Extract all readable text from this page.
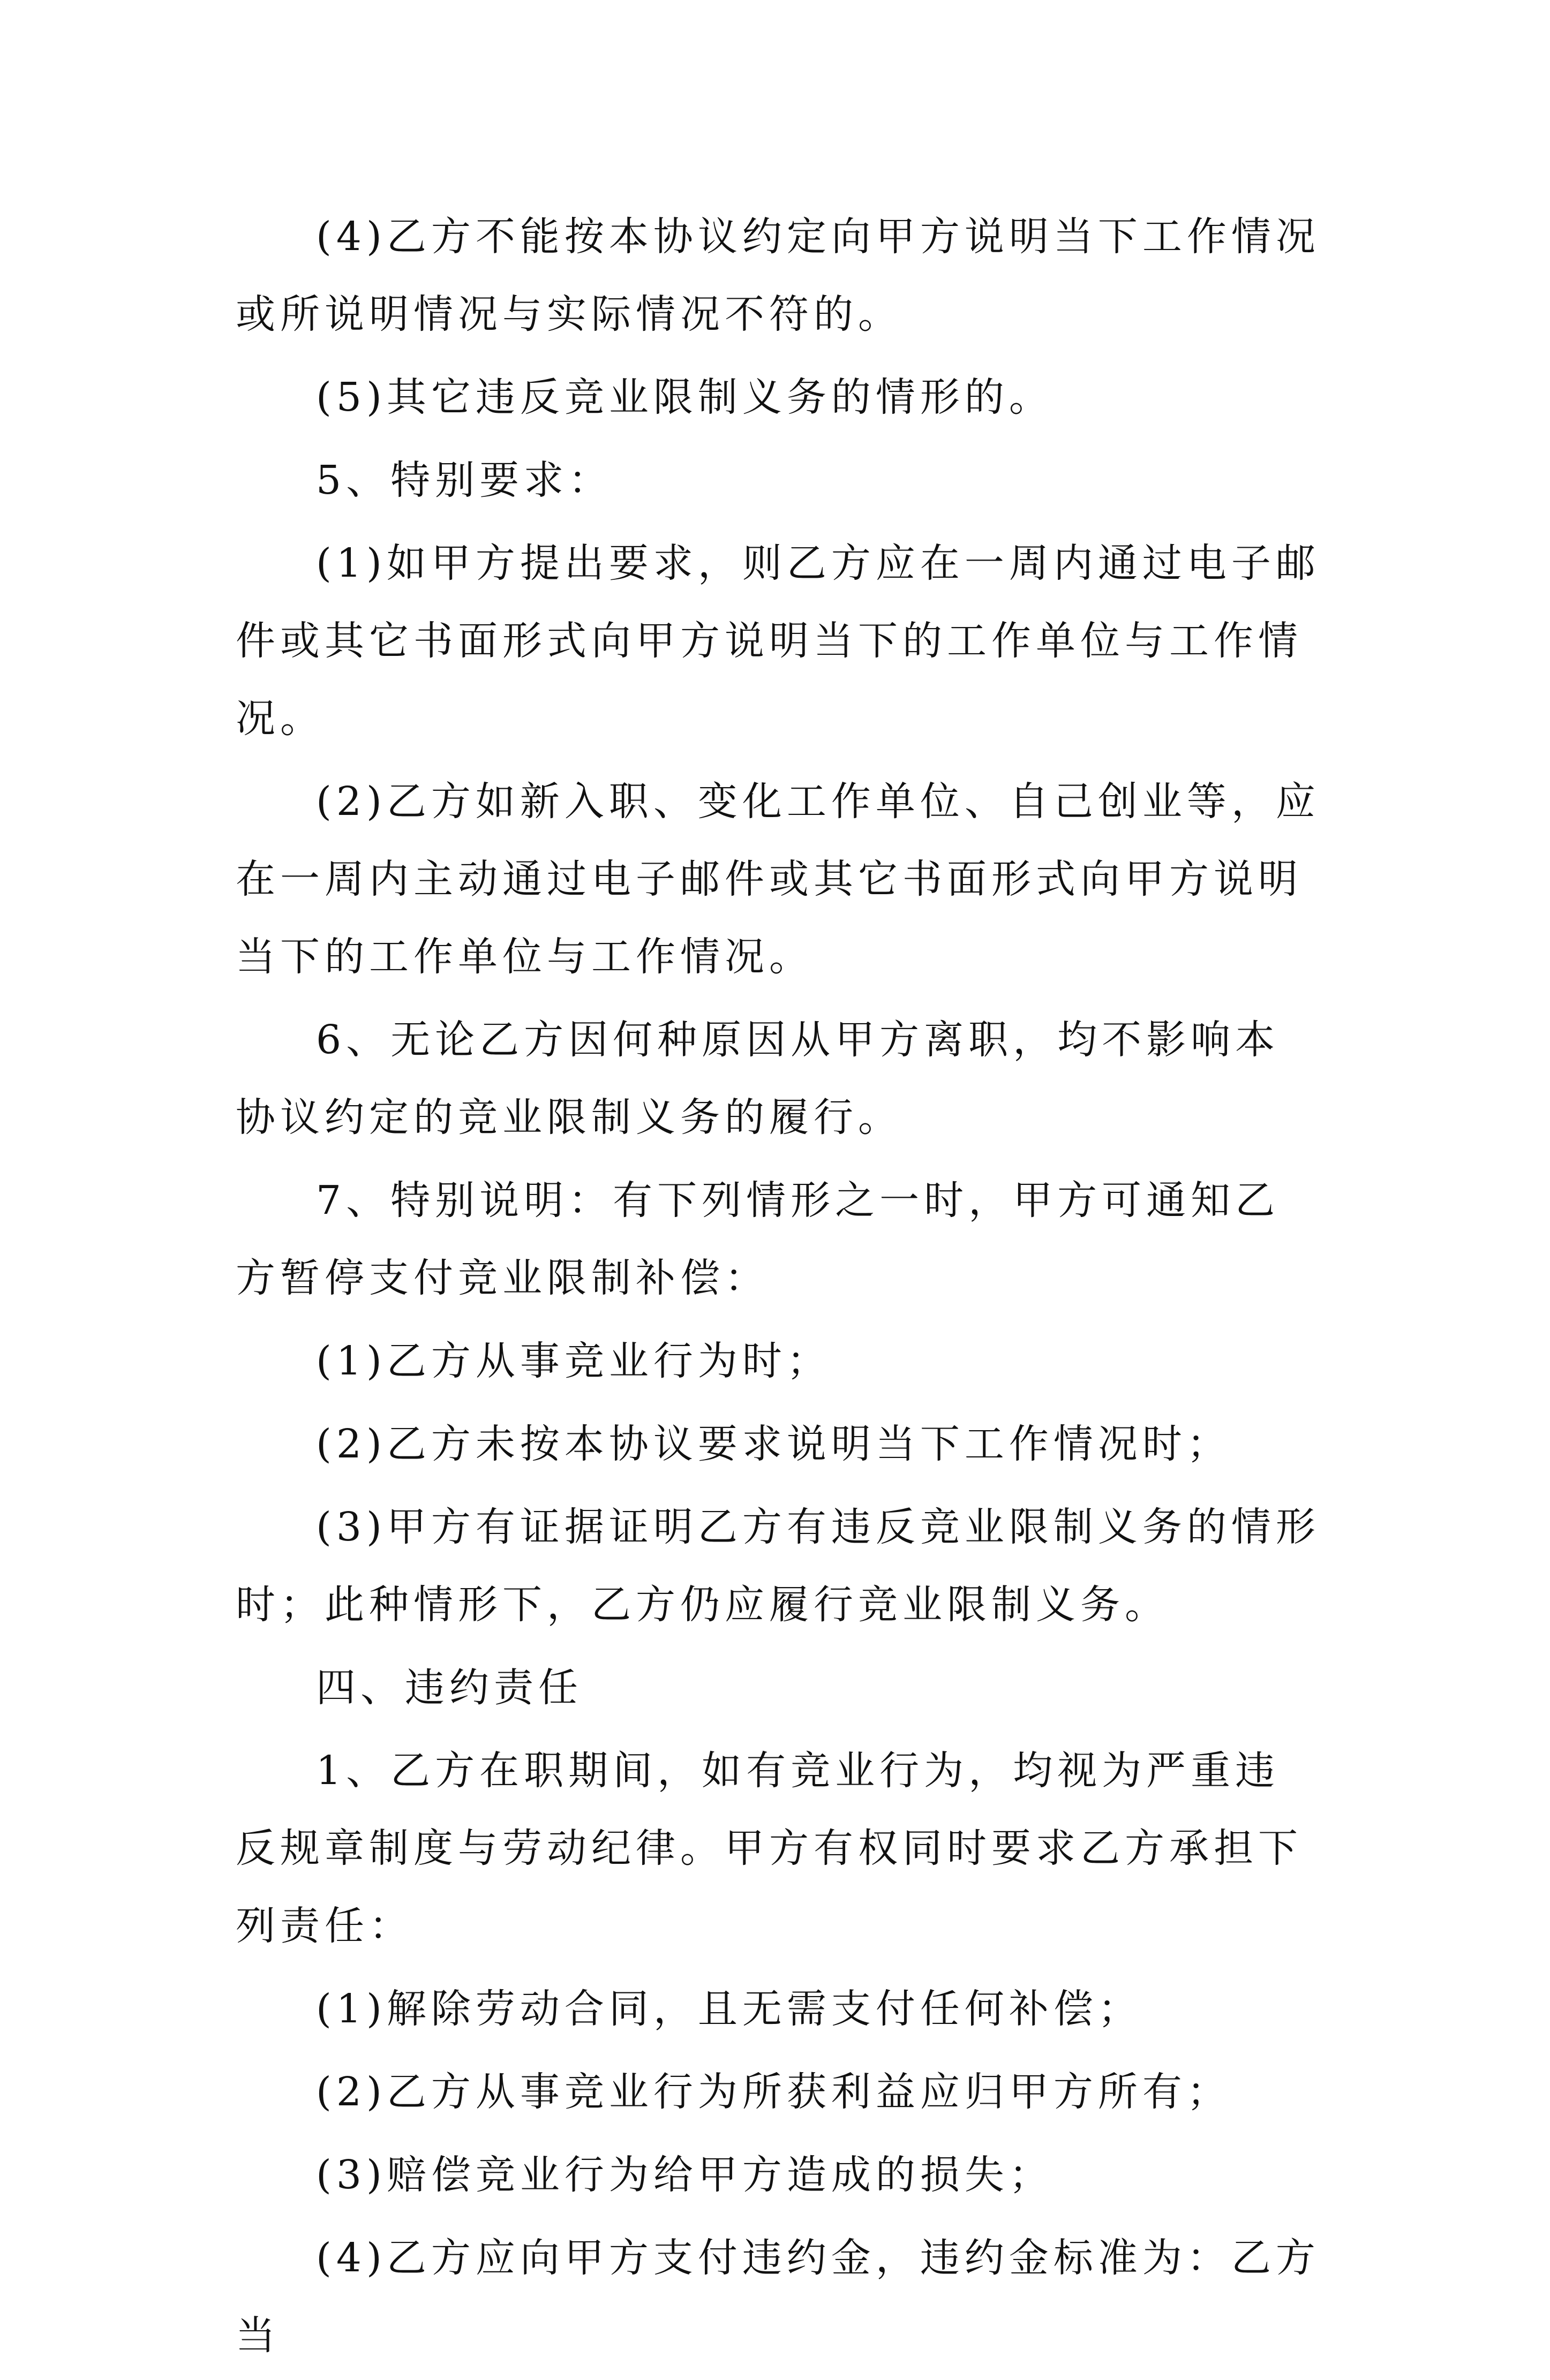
(4)乙方不能按本协议约定向甲方说明当下工作情况或所说明情况与实际情况不符的。

(5)其它违反竞业限制义务的情形的。

5、特别要求：

(1)如甲方提出要求，则乙方应在一周内通过电子邮件或其它书面形式向甲方说明当下的工作单位与工作情况。

(2)乙方如新入职、变化工作单位、自己创业等，应在一周内主动通过电子邮件或其它书面形式向甲方说明当下的工作单位与工作情况。

6、无论乙方因何种原因从甲方离职，均不影响本协议约定的竞业限制义务的履行。

7、特别说明：有下列情形之一时，甲方可通知乙方暂停支付竞业限制补偿：

(1)乙方从事竞业行为时；

(2)乙方未按本协议要求说明当下工作情况时；

(3)甲方有证据证明乙方有违反竞业限制义务的情形时；此种情形下，乙方仍应履行竞业限制义务。

四、违约责任

1、乙方在职期间，如有竞业行为，均视为严重违反规章制度与劳动纪律。甲方有权同时要求乙方承担下列责任：

(1)解除劳动合同，且无需支付任何补偿；

(2)乙方从事竞业行为所获利益应归甲方所有；

(3)赔偿竞业行为给甲方造成的损失；

(4)乙方应向甲方支付违约金，违约金标准为：乙方当
